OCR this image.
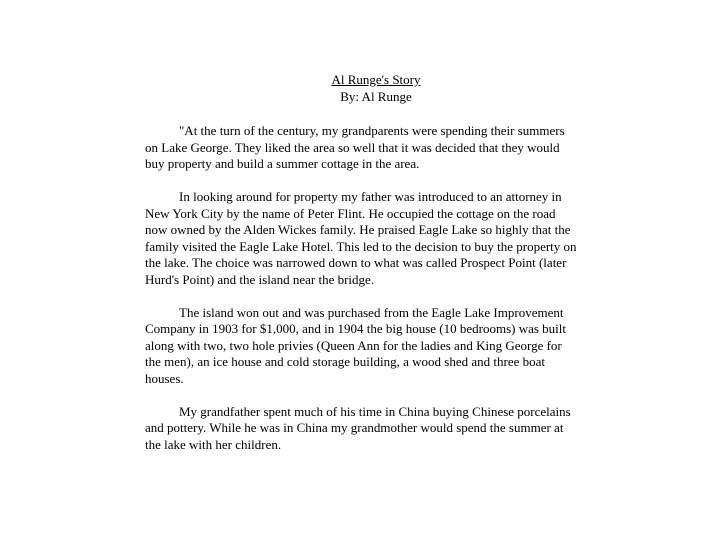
Al Runge's Story
By: Al Runge

"At the turn of the century, my grandparents were spending their summers on Lake George. They liked the area so well that it was decided that they would buy property and build a summer cottage in the area.

In looking around for property my father was introduced to an attorney in New York City by the name of Peter Flint. He occupied the cottage on the road now owned by the Alden Wickes family. He praised Eagle Lake so highly that the family visited the Eagle Lake Hotel. This led to the decision to buy the property on the lake. The choice was narrowed down to what was called Prospect Point (later Hurd's Point) and the island near the bridge.

The island won out and was purchased from the Eagle Lake Improvement Company in 1903 for $1,000, and in 1904 the big house (10 bedrooms) was built along with two, two hole privies (Queen Ann for the ladies and King George for the men), an ice house and cold storage building, a wood shed and three boat houses.

My grandfather spent much of his time in China buying Chinese porcelains and pottery. While he was in China my grandmother would spend the summer at the lake with her children.
